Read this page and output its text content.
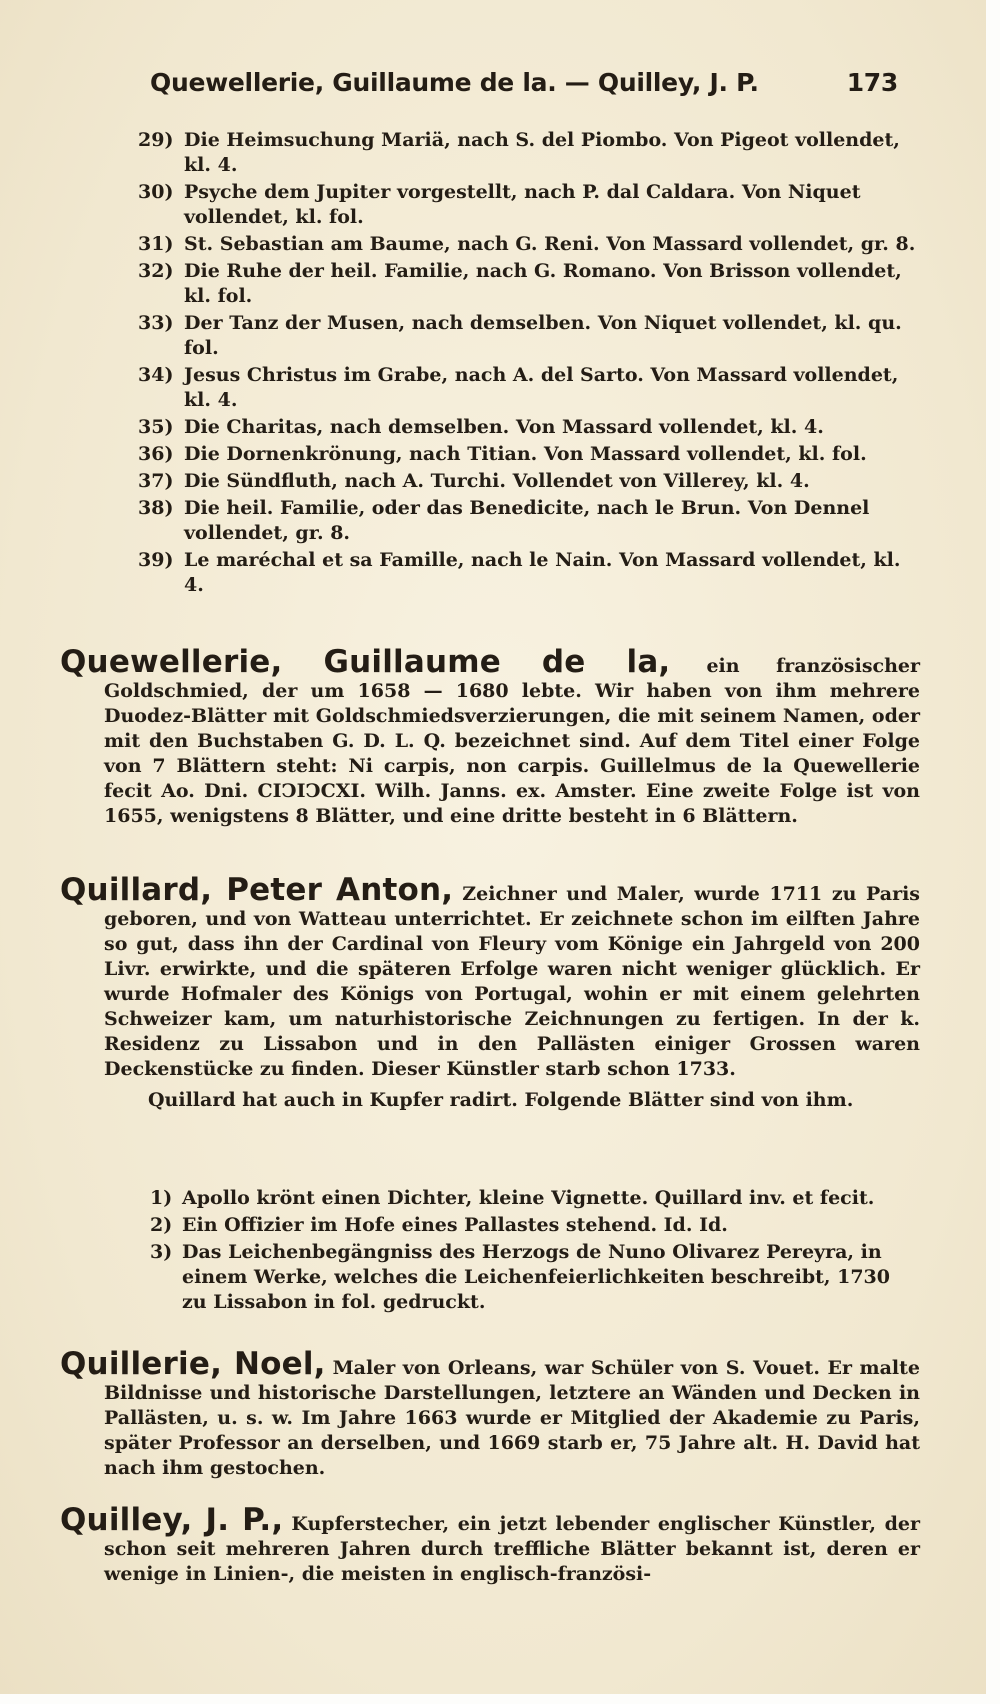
Quewellerie, Guillaume de la. — Quilley, J. P.	173
29) Die Heimsuchung Mariä, nach S. del Piombo. Von Pigeot vollendet, kl. 4.
30) Psyche dem Jupiter vorgestellt, nach P. dal Caldara. Von Niquet vollendet, kl. fol.
31) St. Sebastian am Baume, nach G. Reni. Von Massard vollendet, gr. 8.
32) Die Ruhe der heil. Familie, nach G. Romano. Von Brisson vollendet, kl. fol.
33) Der Tanz der Musen, nach demselben. Von Niquet vollendet, kl. qu. fol.
34) Jesus Christus im Grabe, nach A. del Sarto. Von Massard vollendet, kl. 4.
35) Die Charitas, nach demselben. Von Massard vollendet, kl. 4.
36) Die Dornenkrönung, nach Titian. Von Massard vollendet, kl. fol.
37) Die Sündfluth, nach A. Turchi. Vollendet von Villerey, kl. 4.
38) Die heil. Familie, oder das Benedicite, nach le Brun. Von Dennel vollendet, gr. 8.
39) Le maréchal et sa Famille, nach le Nain. Von Massard vollendet, kl. 4.

Quewellerie, Guillaume de la, ein französischer Goldschmied, der um 1658 — 1680 lebte. Wir haben von ihm mehrere Duodez-Blätter mit Goldschmiedsverzierungen, die mit seinem Namen, oder mit den Buchstaben G. D. L. Q. bezeichnet sind. Auf dem Titel einer Folge von 7 Blättern steht: Ni carpis, non carpis. Guillelmus de la Quewellerie fecit Ao. Dni. CIↃIↃCXI. Wilh. Janns. ex. Amster. Eine zweite Folge ist von 1655, wenigstens 8 Blätter, und eine dritte besteht in 6 Blättern.

Quillard, Peter Anton, Zeichner und Maler, wurde 1711 zu Paris geboren, und von Watteau unterrichtet. Er zeichnete schon im eilften Jahre so gut, dass ihn der Cardinal von Fleury vom Könige ein Jahrgeld von 200 Livr. erwirkte, und die späteren Erfolge waren nicht weniger glücklich. Er wurde Hofmaler des Königs von Portugal, wohin er mit einem gelehrten Schweizer kam, um naturhistorische Zeichnungen zu fertigen. In der k. Residenz zu Lissabon und in den Pallästen einiger Grossen waren Deckenstücke zu finden. Dieser Künstler starb schon 1733.

Quillard hat auch in Kupfer radirt. Folgende Blätter sind von ihm.

1) Apollo krönt einen Dichter, kleine Vignette. Quillard inv. et fecit.
2) Ein Offizier im Hofe eines Pallastes stehend. Id. Id.
3) Das Leichenbegängniss des Herzogs de Nuno Olivarez Pereyra, in einem Werke, welches die Leichenfeierlichkeiten beschreibt, 1730 zu Lissabon in fol. gedruckt.

Quillerie, Noel, Maler von Orleans, war Schüler von S. Vouet. Er malte Bildnisse und historische Darstellungen, letztere an Wänden und Decken in Pallästen, u. s. w. Im Jahre 1663 wurde er Mitglied der Akademie zu Paris, später Professor an derselben, und 1669 starb er, 75 Jahre alt. H. David hat nach ihm gestochen.

Quilley, J. P., Kupferstecher, ein jetzt lebender englischer Künstler, der schon seit mehreren Jahren durch treffliche Blätter bekannt ist, deren er wenige in Linien-, die meisten in englisch-französi-
